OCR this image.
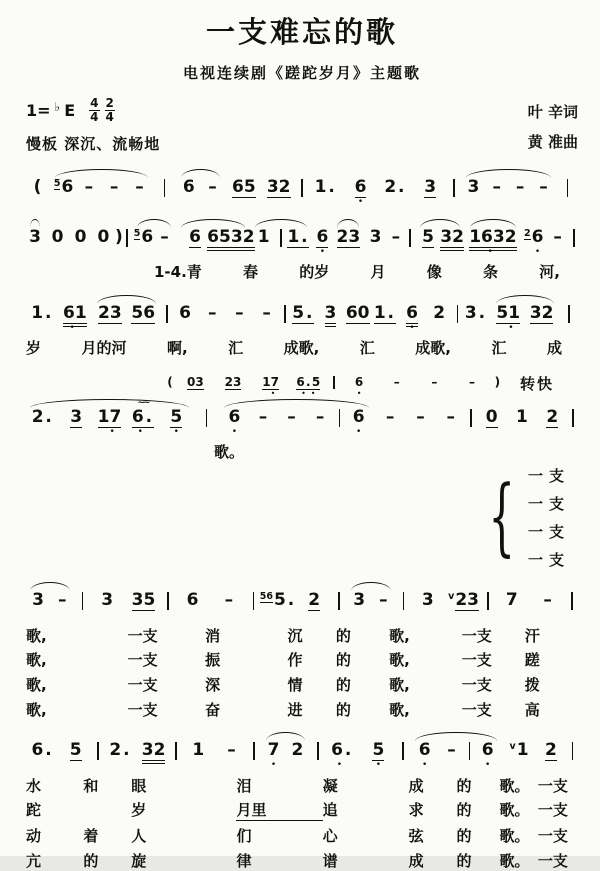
一支难忘的歌
电视连续剧《蹉跎岁月》主题歌
1= ♭ E $\frac{4}{4} \frac{2}{4}$
慢板 深沉、流畅地
叶 辛词
黄 准曲
( 5 6 – – – 6 – 6 5 3 2 1 . 6
•
2 . 3 3 – – –
3 0 0 0 ) 5 6 – 6 6 5 3 2 1 1 . 6
•
2 3 3 – 5 3 2 1 6 3 2
•
2 6
•
–
1-4.青	春	的岁	月	像	条	河,
1 . 6 1
•
2 3 5 6 6 – – – 5 . 3 6 0 1 . 6
•
2 3 . 5 1
•
3 2
岁	月的河	啊,	汇	成歌,	汇	成歌,	汇	成
( 0 3 2 3 1 7
•
6 . 5
• •
6
•
–	–	– ) 转快
2 . 3 1 7
•
~~
6 .
•
5
•
6
•
– – – 6
•
– – – 0 1 2
歌。
{ 一支
一支
一支
一支
3 – 3 3 5 6 –	56 5 . 2 3 – 3 v 2 3 7 –
歌,	一支	消	沉	的	歌,	一支	汗
歌,	一支	振	作	的	歌,	一支	蹉
歌,	一支	深	情	的	歌,	一支	拨
歌,	一支	奋	进	的	歌,	一支	高
6 . 5 2 . 3 2 1 – 7
•
2 6 .
•
5
•
6
•
– 6
•
v 1 2
水	和	眼	泪	凝	成	的	歌。 一支
跎	岁	月里	追	求	的	歌。 一支
动	着	人	们	心	弦	的	歌。 一支
亢	的	旋	律	谱	成	的	歌。 一支
